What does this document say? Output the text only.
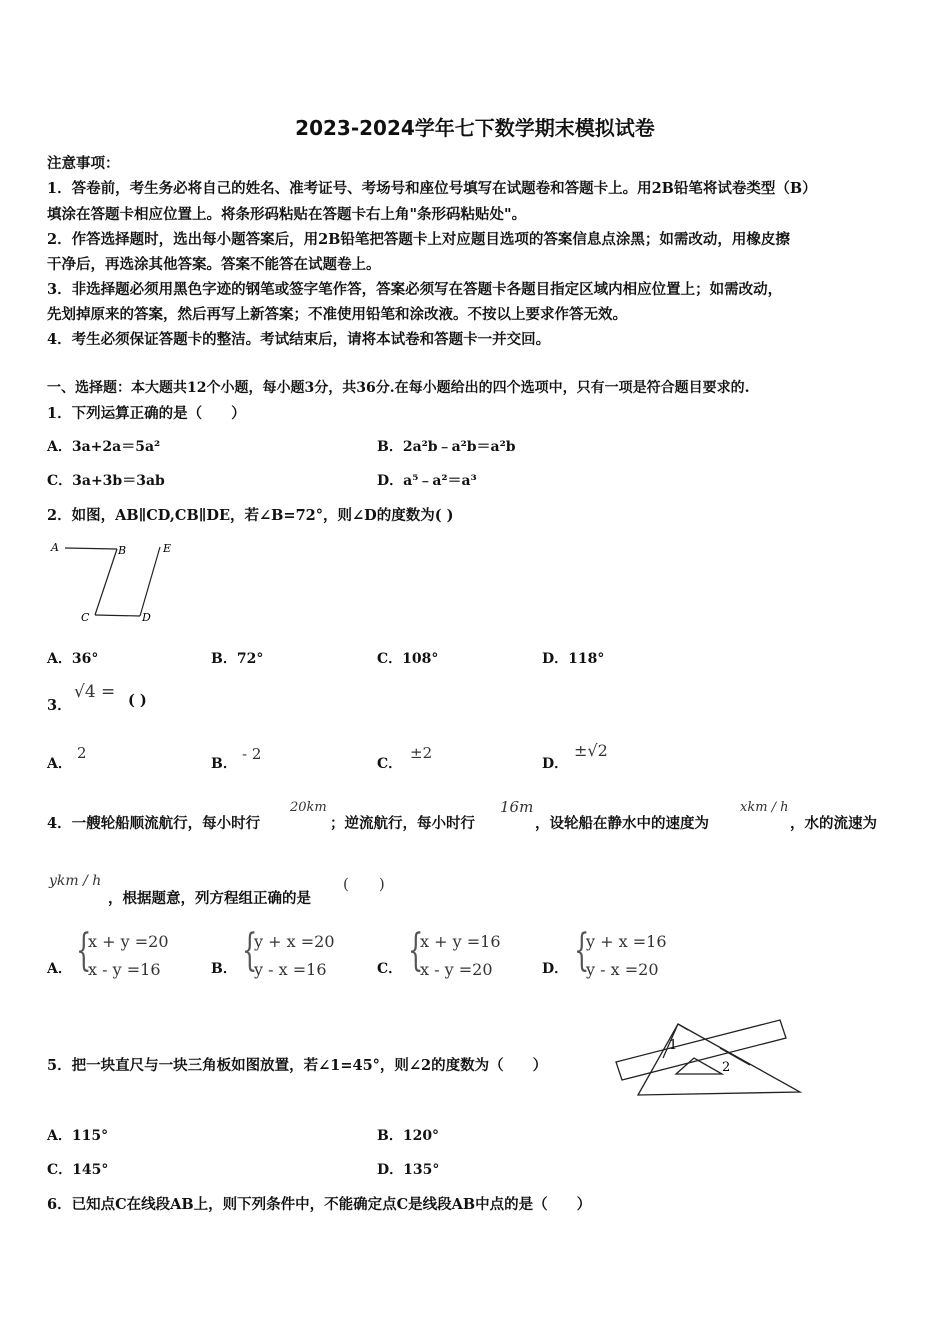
2023-2024学年七下数学期末模拟试卷
注意事项：
1．答卷前，考生务必将自己的姓名、准考证号、考场号和座位号填写在试题卷和答题卡上。用2B铅笔将试卷类型（B）
填涂在答题卡相应位置上。将条形码粘贴在答题卡右上角"条形码粘贴处"。
2．作答选择题时，选出每小题答案后，用2B铅笔把答题卡上对应题目选项的答案信息点涂黑；如需改动，用橡皮擦
干净后，再选涂其他答案。答案不能答在试题卷上。
3．非选择题必须用黑色字迹的钢笔或签字笔作答，答案必须写在答题卡各题目指定区域内相应位置上；如需改动，
先划掉原来的答案，然后再写上新答案；不准使用铅笔和涂改液。不按以上要求作答无效。
4．考生必须保证答题卡的整洁。考试结束后，请将本试卷和答题卡一并交回。
一、选择题：本大题共12个小题，每小题3分，共36分.在每小题给出的四个选项中，只有一项是符合题目要求的.
1．下列运算正确的是（　　）
A．3a+2a＝5a²	B．2a²b﹣a²b＝a²b
C．3a+3b＝3ab	D．a⁵﹣a²＝a³
2．如图，AB∥CD,CB∥DE，若∠B=72°，则∠D的度数为( )
A	B	E
C	D
A．36°	B．72°	C．108°	D．118°
3．
√4 = ( )
A．
2
B．
- 2
C．
±2
D．
±√2
4．一艘轮船顺流航行，每小时行
20km
；逆流航行，每小时行
16m
，设轮船在静水中的速度为
xkm / h
，水的流速为
ykm / h
，根据题意，列方程组正确的是
(　　)
A． {
x + y =20
x - y =16	B． {
y + x =20
y - x =16	C． {
x + y =16
x - y =20	D． {
y + x =16
y - x =20
5．把一块直尺与一块三角板如图放置，若∠1=45°，则∠2的度数为（　　）
1
2
A．115°	B．120°
C．145°	D．135°
6．已知点C在线段AB上，则下列条件中，不能确定点C是线段AB中点的是（　　）
